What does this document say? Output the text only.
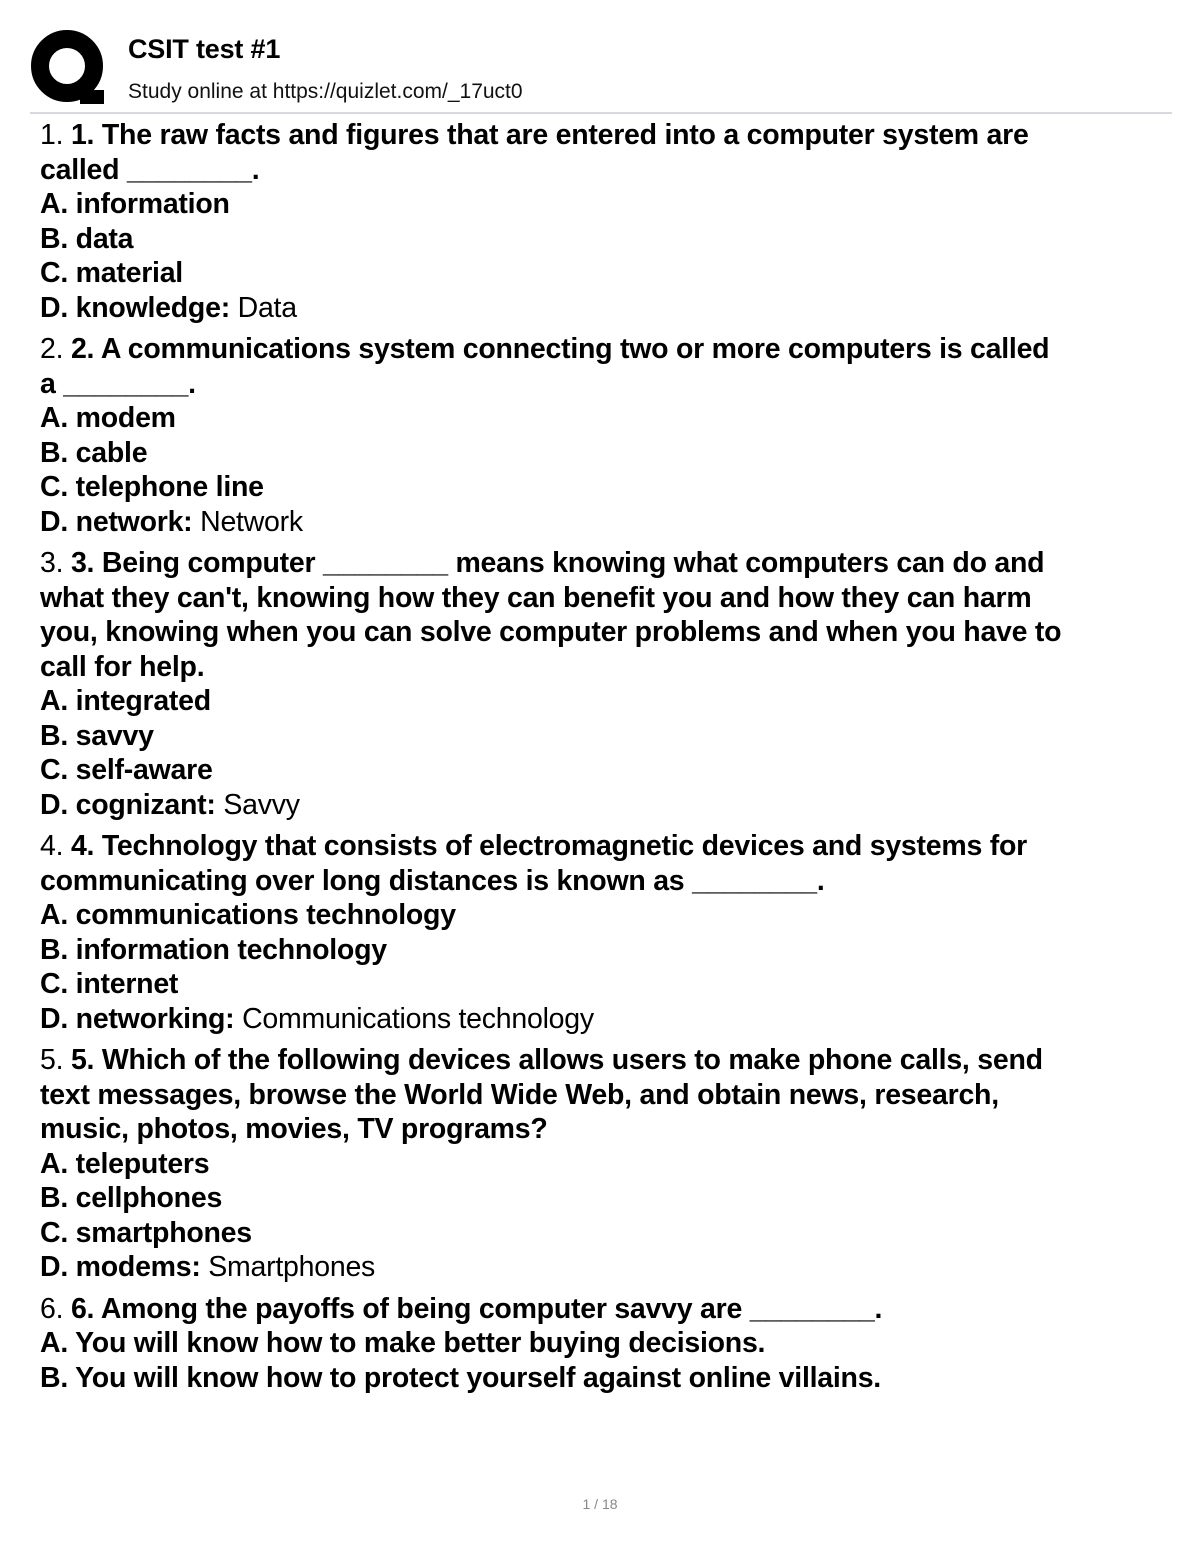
CSIT test #1
Study online at https://quizlet.com/_17uct0
1. 1. The raw facts and figures that are entered into a computer system are
called ________.
A. information
B. data
C. material
D. knowledge: Data
2. 2. A communications system connecting two or more computers is called
a ________.
A. modem
B. cable
C. telephone line
D. network: Network
3. 3. Being computer ________ means knowing what computers can do and
what they can't, knowing how they can benefit you and how they can harm
you, knowing when you can solve computer problems and when you have to
call for help.
A. integrated
B. savvy
C. self-aware
D. cognizant: Savvy
4. 4. Technology that consists of electromagnetic devices and systems for
communicating over long distances is known as ________.
A. communications technology
B. information technology
C. internet
D. networking: Communications technology
5. 5. Which of the following devices allows users to make phone calls, send
text messages, browse the World Wide Web, and obtain news, research,
music, photos, movies, TV programs?
A. teleputers
B. cellphones
C. smartphones
D. modems: Smartphones
6. 6. Among the payoffs of being computer savvy are ________.
A. You will know how to make better buying decisions.
B. You will know how to protect yourself against online villains.
1 / 18
